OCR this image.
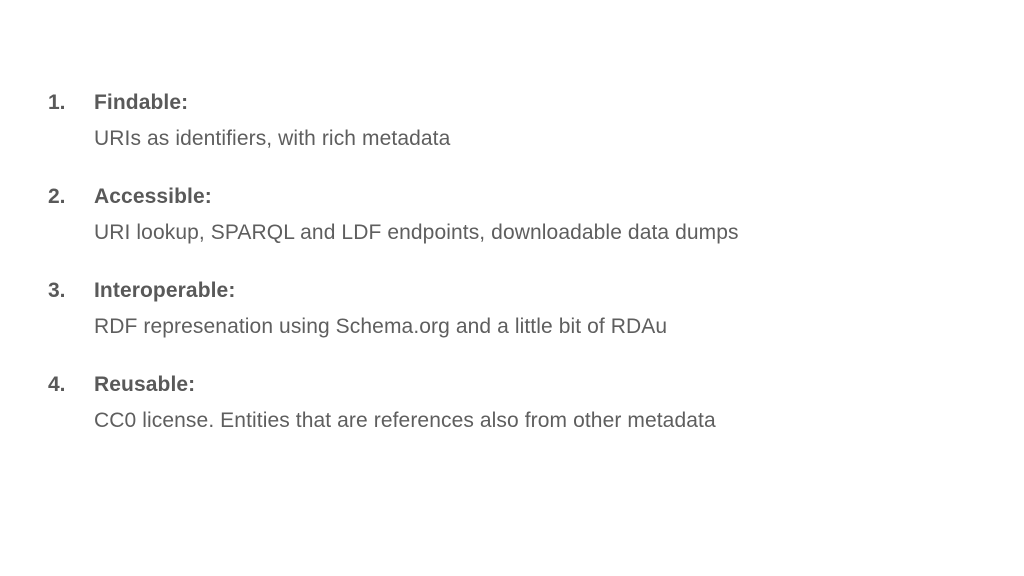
1.	Findable:
URIs as identifiers, with rich metadata
2.	Accessible:
URI lookup, SPARQL and LDF endpoints, downloadable data dumps
3.	Interoperable:
RDF represenation using Schema.org and a little bit of RDAu
4.	Reusable:
CC0 license. Entities that are references also from other metadata
